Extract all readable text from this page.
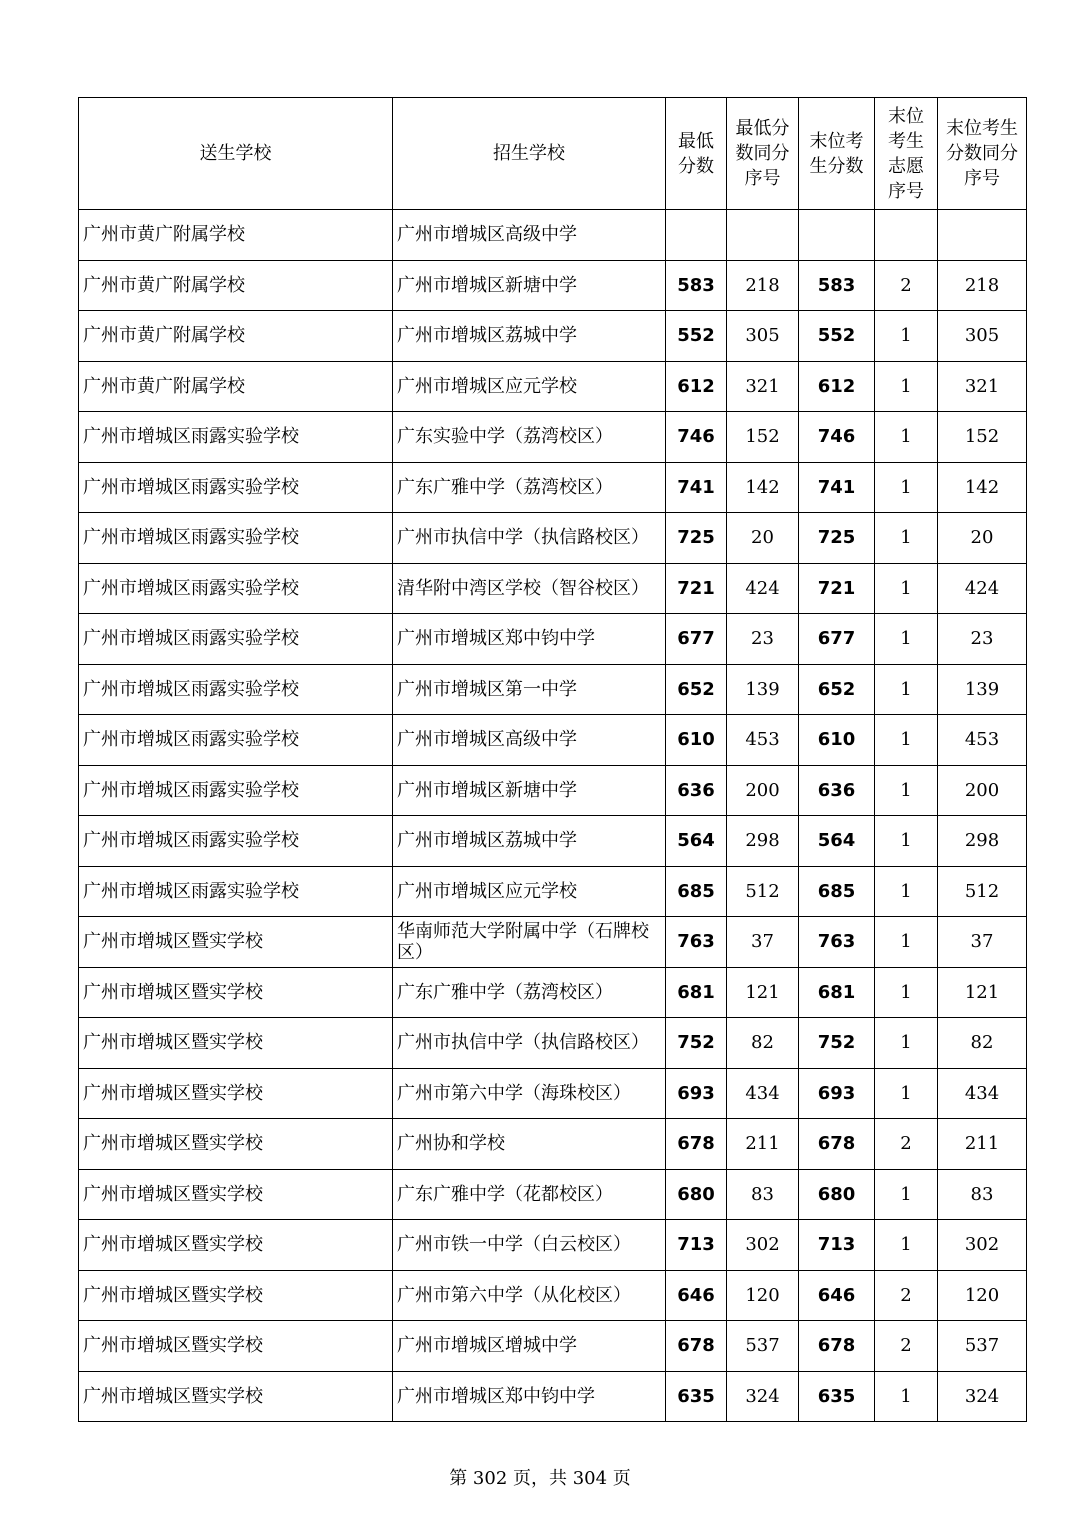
送生学校	招生学校	最低分数	最低分数同分序号	末位考生分数	末位考生志愿序号	末位考生分数同分序号

广州市黄广附属学校	广州市增城区高级中学					
广州市黄广附属学校	广州市增城区新塘中学	583	218	583	2	218
广州市黄广附属学校	广州市增城区荔城中学	552	305	552	1	305
广州市黄广附属学校	广州市增城区应元学校	612	321	612	1	321
广州市增城区雨露实验学校	广东实验中学（荔湾校区）	746	152	746	1	152
广州市增城区雨露实验学校	广东广雅中学（荔湾校区）	741	142	741	1	142
广州市增城区雨露实验学校	广州市执信中学（执信路校区）	725	20	725	1	20
广州市增城区雨露实验学校	清华附中湾区学校（智谷校区）	721	424	721	1	424
广州市增城区雨露实验学校	广州市增城区郑中钧中学	677	23	677	1	23
广州市增城区雨露实验学校	广州市增城区第一中学	652	139	652	1	139
广州市增城区雨露实验学校	广州市增城区高级中学	610	453	610	1	453
广州市增城区雨露实验学校	广州市增城区新塘中学	636	200	636	1	200
广州市增城区雨露实验学校	广州市增城区荔城中学	564	298	564	1	298
广州市增城区雨露实验学校	广州市增城区应元学校	685	512	685	1	512
广州市增城区暨实学校	华南师范大学附属中学（石牌校区）	763	37	763	1	37
广州市增城区暨实学校	广东广雅中学（荔湾校区）	681	121	681	1	121
广州市增城区暨实学校	广州市执信中学（执信路校区）	752	82	752	1	82
广州市增城区暨实学校	广州市第六中学（海珠校区）	693	434	693	1	434
广州市增城区暨实学校	广州协和学校	678	211	678	2	211
广州市增城区暨实学校	广东广雅中学（花都校区）	680	83	680	1	83
广州市增城区暨实学校	广州市铁一中学（白云校区）	713	302	713	1	302
广州市增城区暨实学校	广州市第六中学（从化校区）	646	120	646	2	120
广州市增城区暨实学校	广州市增城区增城中学	678	537	678	2	537
广州市增城区暨实学校	广州市增城区郑中钧中学	635	324	635	1	324
第 302 页，共 304 页
